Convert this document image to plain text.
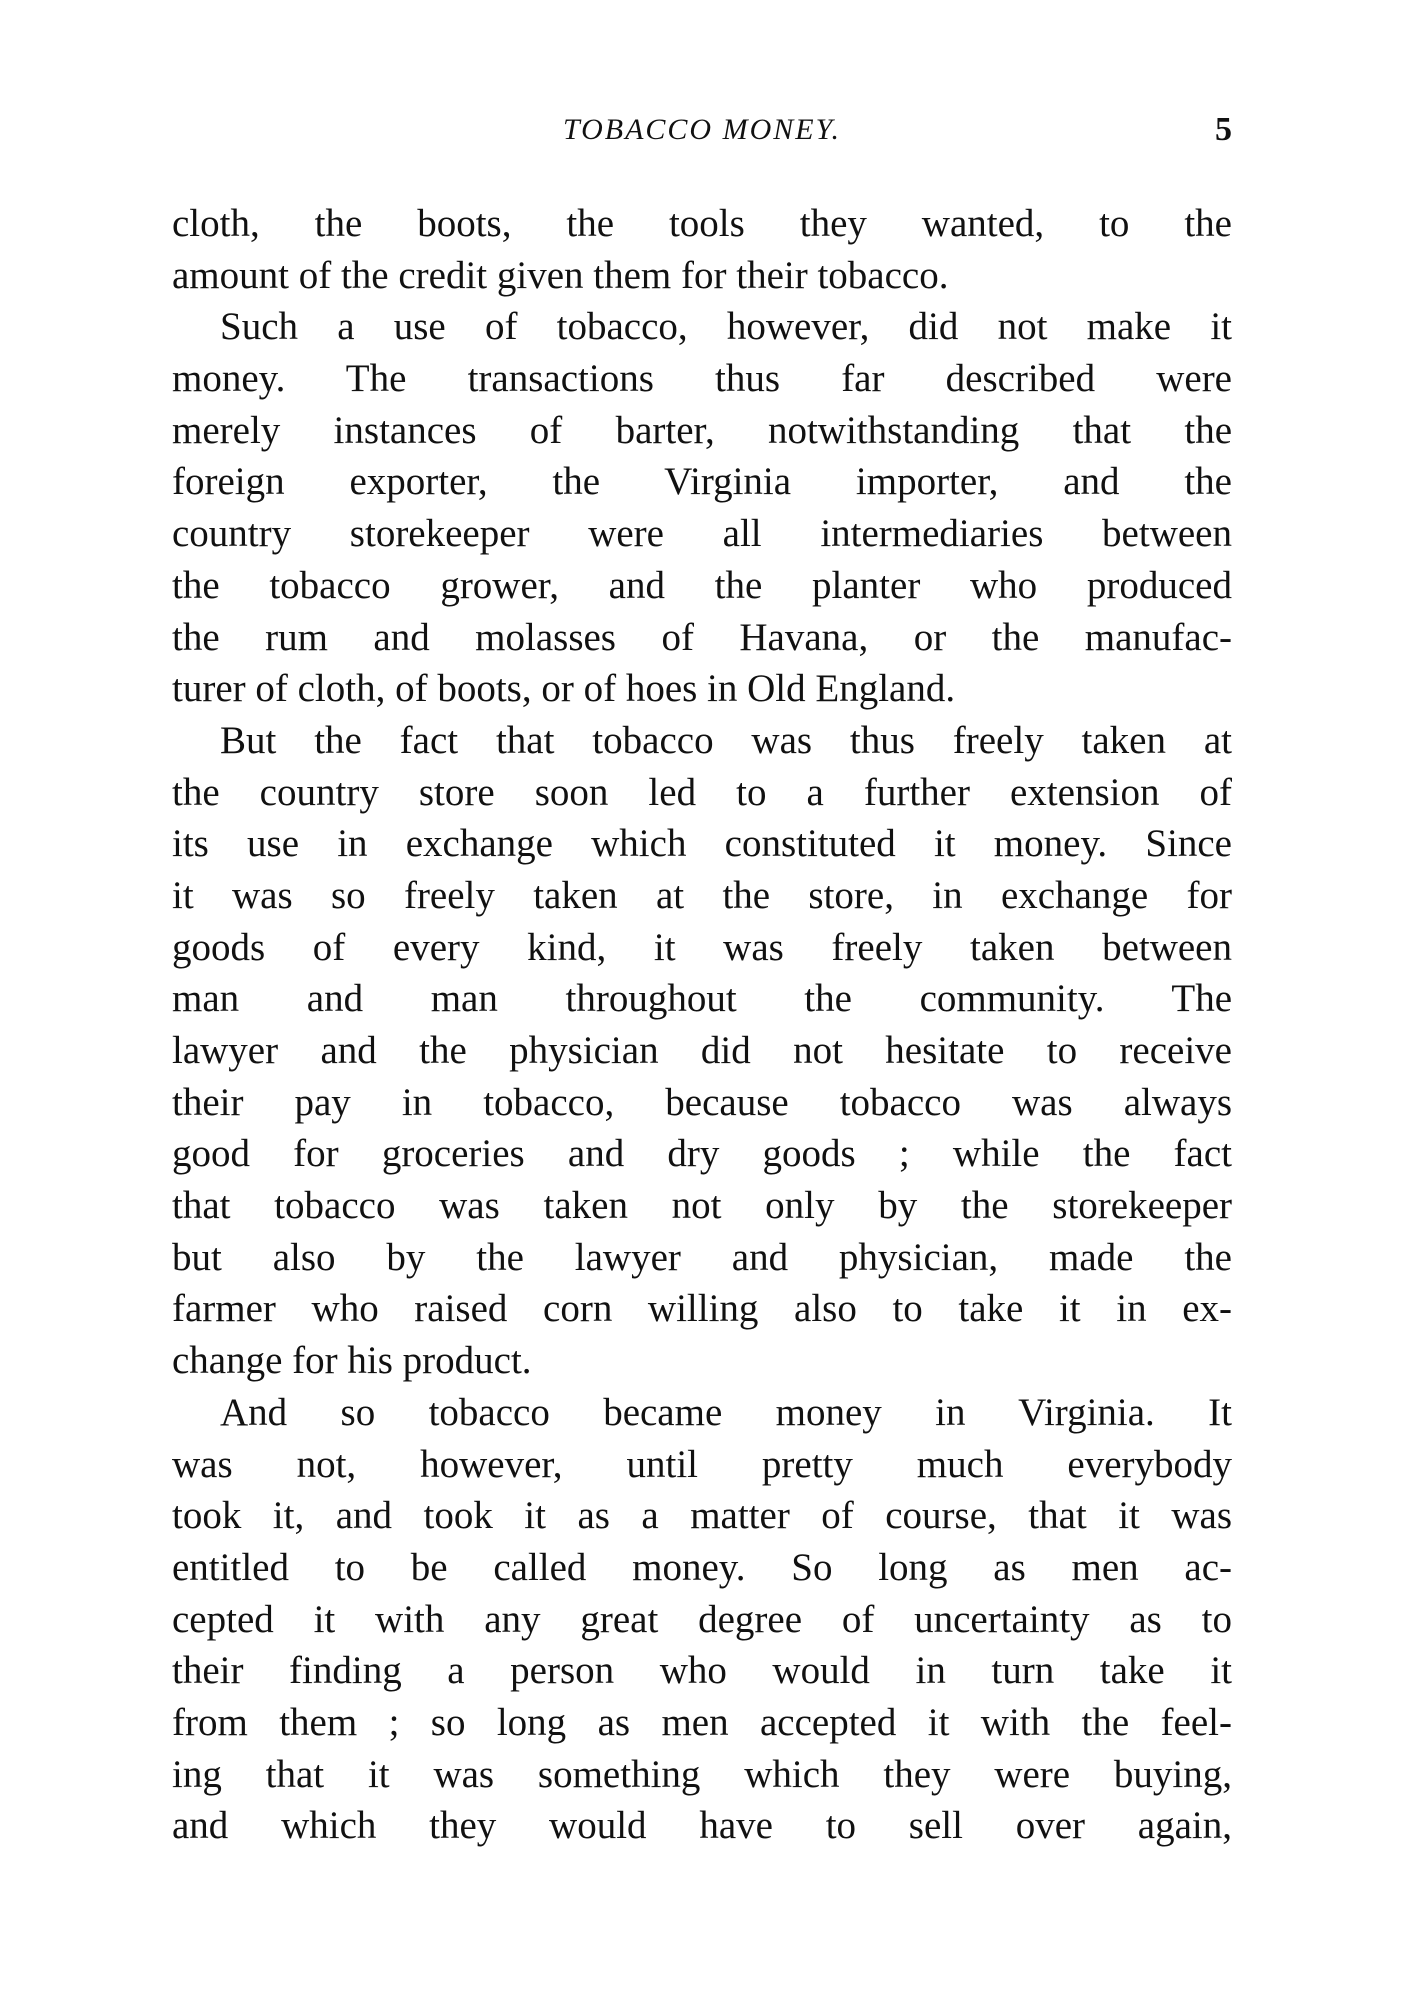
TOBACCO MONEY.	5
cloth, the boots, the tools they wanted, to the
amount of the credit given them for their tobacco.
Such a use of tobacco, however, did not make it
money. The transactions thus far described were
merely instances of barter, notwithstanding that the
foreign exporter, the Virginia importer, and the
country storekeeper were all intermediaries between
the tobacco grower, and the planter who produced
the rum and molasses of Havana, or the manufac-
turer of cloth, of boots, or of hoes in Old England.
But the fact that tobacco was thus freely taken at
the country store soon led to a further extension of
its use in exchange which constituted it money. Since
it was so freely taken at the store, in exchange for
goods of every kind, it was freely taken between
man and man throughout the community. The
lawyer and the physician did not hesitate to receive
their pay in tobacco, because tobacco was always
good for groceries and dry goods ; while the fact
that tobacco was taken not only by the storekeeper
but also by the lawyer and physician, made the
farmer who raised corn willing also to take it in ex-
change for his product.
And so tobacco became money in Virginia. It
was not, however, until pretty much everybody
took it, and took it as a matter of course, that it was
entitled to be called money. So long as men ac-
cepted it with any great degree of uncertainty as to
their finding a person who would in turn take it
from them ; so long as men accepted it with the feel-
ing that it was something which they were buying,
and which they would have to sell over again,
